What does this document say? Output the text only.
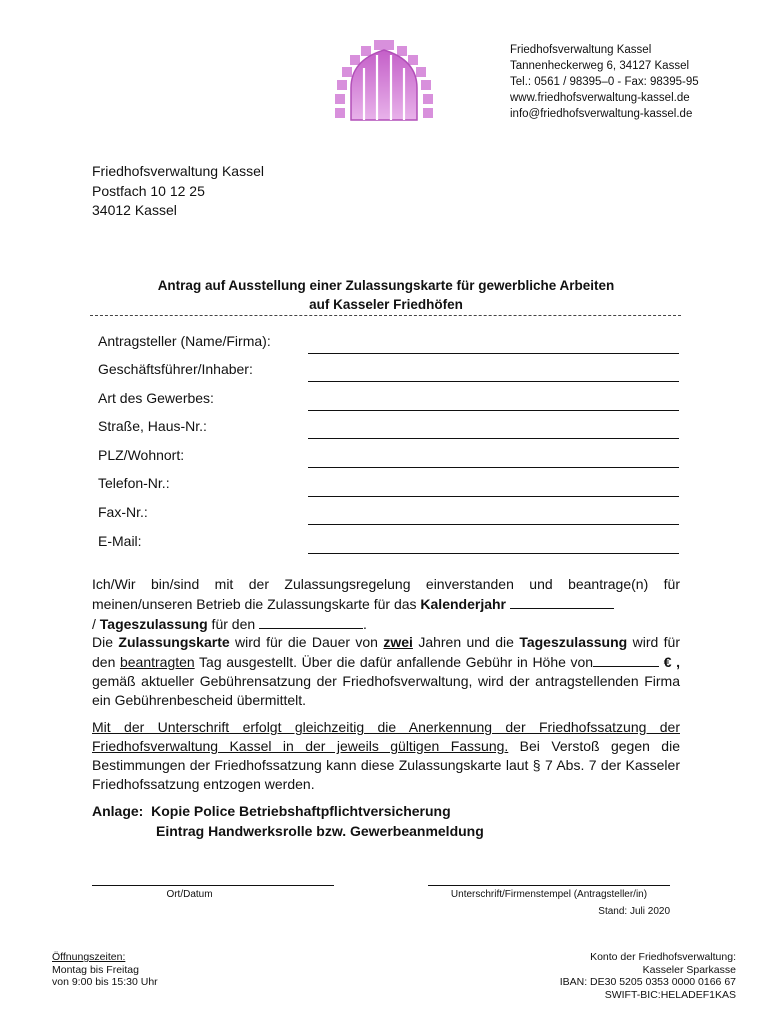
Friedhofsverwaltung Kassel
Tannenheckerweg 6, 34127 Kassel
Tel.: 0561 / 98395–0 - Fax: 98395-95
www.friedhofsverwaltung-kassel.de
info@friedhofsverwaltung-kassel.de
Friedhofsverwaltung Kassel
Postfach 10 12 25
34012 Kassel
Antrag auf Ausstellung einer Zulassungskarte für gewerbliche Arbeiten
auf Kasseler Friedhöfen
Antragsteller (Name/Firma):
Geschäftsführer/Inhaber:
Art des Gewerbes:
Straße, Haus-Nr.:
PLZ/Wohnort:
Telefon-Nr.:
Fax-Nr.:
E-Mail:
Ich/Wir bin/sind mit der Zulassungsregelung einverstanden und beantrage(n) für meinen/unseren Betrieb die Zulassungskarte für das Kalenderjahr
/ Tageszulassung für den	.
Die Zulassungskarte wird für die Dauer von zwei Jahren und die Tageszulassung wird für den beantragten Tag ausgestellt. Über die dafür anfallende Gebühr in Höhe von	€ , gemäß aktueller Gebührensatzung der Friedhofsverwaltung, wird der antragstellenden Firma ein Gebührenbescheid übermittelt.
Mit der Unterschrift erfolgt gleichzeitig die Anerkennung der Friedhofssatzung der Friedhofsverwaltung Kassel in der jeweils gültigen Fassung. Bei Verstoß gegen die Bestimmungen der Friedhofssatzung kann diese Zulassungskarte laut § 7 Abs. 7 der Kasseler Friedhofssatzung entzogen werden.
Anlage: Kopie Police Betriebshaftpflichtversicherung
Eintrag Handwerksrolle bzw. Gewerbeanmeldung
Ort/Datum	Unterschrift/Firmenstempel (Antragsteller/in)
Stand: Juli 2020
Öffnungszeiten:
Montag bis Freitag
von 9:00 bis 15:30 Uhr
Konto der Friedhofsverwaltung:
Kasseler Sparkasse
IBAN: DE30 5205 0353 0000 0166 67
SWIFT-BIC:HELADEF1KAS
